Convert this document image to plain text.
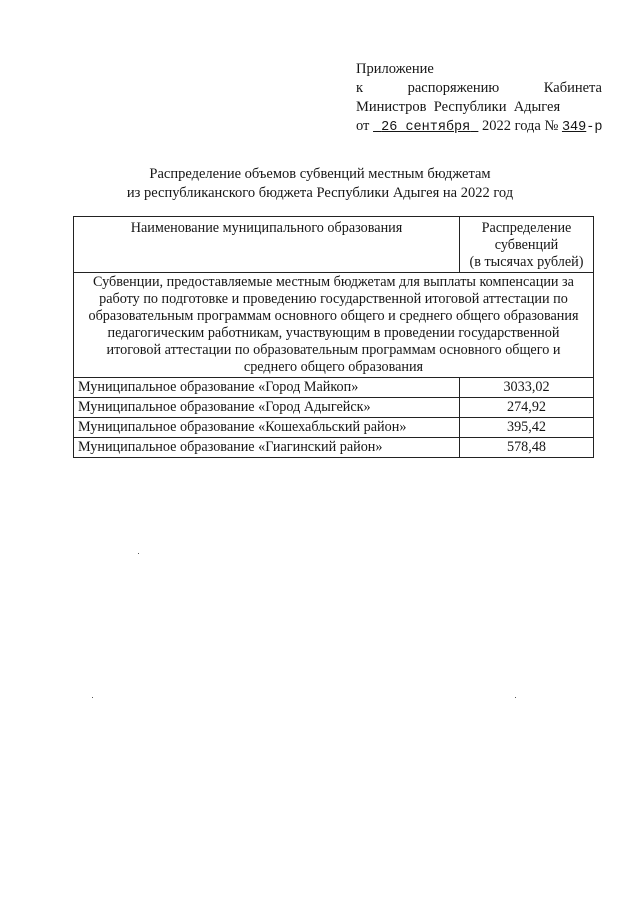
Приложение
к	распоряжению	Кабинета
Министров  Республики  Адыгея
от 26 сентября 2022 года № 349-р
Распределение объемов субвенций местным бюджетам
из республиканского бюджета Республики Адыгея на 2022 год
Наименование муниципального образования	Распределение
субвенций
(в тысячах рублей)

Субвенции, предоставляемые местным бюджетам для выплаты компенсации за работу по подготовке и проведению государственной итоговой аттестации по образовательным программам основного общего и среднего общего образования педагогическим работникам, участвующим в проведении государственной итоговой аттестации по образовательным программам основного общего и среднего общего образования	
Муниципальное образование «Город Майкоп»	3033,02
Муниципальное образование «Город Адыгейск»	274,92
Муниципальное образование «Кошехабльский район»	395,42
Муниципальное образование «Гиагинский район»	578,48
